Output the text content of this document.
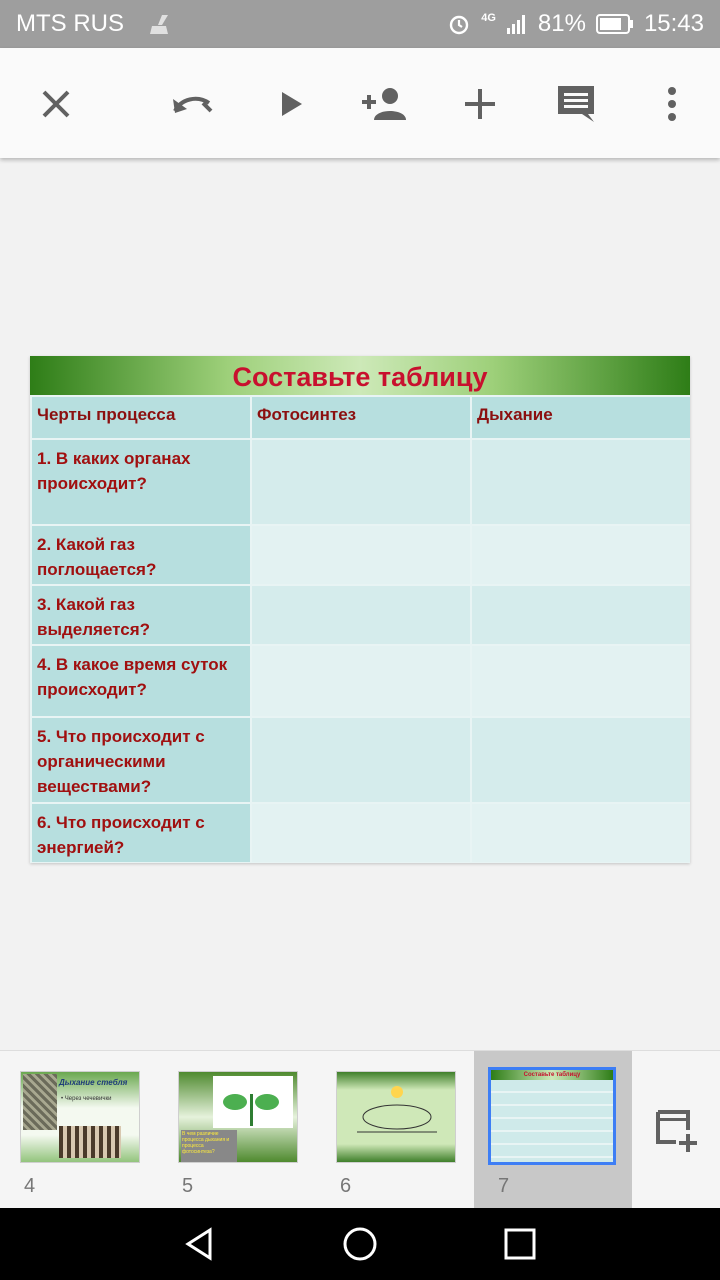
MTS RUS	4G 81% 15:43
Составьте таблицу
Черты процесса	Фотосинтез	Дыхание
1. В каких органах происходит?		
2. Какой газ поглощается?		
3. Какой газ выделяется?		
4. В какое время суток происходит?		
5. Что происходит с органическими веществами?		
6. Что происходит с энергией?		
Дыхание стебля
• Через чечевички
4
В чем различие процесса дыхания и процесса фотосинтеза?
5	6
Составьте таблицу
7
